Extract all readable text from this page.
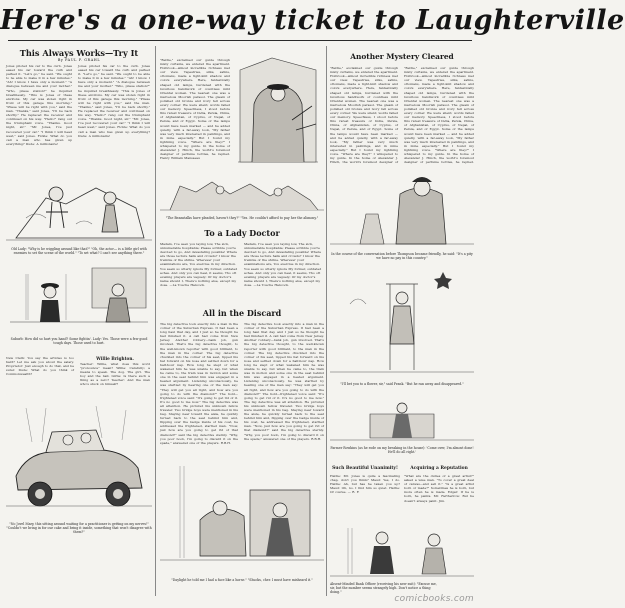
Here's a one-way ticket to Laughterville
This Always Works—Try It
By PAUL P. GRAHL
Jones piloted his car to the curb. Jones eased his car toward the curb and parked it. "Let's go," he said. "We ought to be able to make it in a few minutes." "Ah! I know. I have only a moment." "A dialogue between me and your mother." "Who, pliese station?" he inquired breathlessly. "This is Jones of these environs. My car was stolen right in front of this garage this morning." "Pliese will be right with you," said the man. "Thanks," said Jones, "I'll be back shortly." He replaced the receiver and continued on his way. "Hello!" rang out the triumphant voice. "Thanks. Good night, sir." "Mr. Jones, I've just recovered your car." "I think I will head west," said Jones. Fickle: What do you call a man who has given up everything? Dude: A millionaire!
Jones piloted his car to the curb. Jones eased his car toward the curb and parked it. "Let's go," he said. "We ought to be able to make it in a few minutes." "Ah! I know. I have only a moment." "A dialogue between me and your mother." "Who, pliese station?" he inquired breathlessly. "This is Jones of these environs. My car was stolen right in front of this garage this morning." "Pliese will be right with you," said the man. "Thanks," said Jones, "I'll be back shortly." He replaced the receiver and continued on his way. "Hello!" rang out the triumphant voice. "Thanks. Good night, sir." "Mr. Jones, I've just recovered your car." "I think I will head west," said Jones. Fickle: What do you call a man who has given up everything? Dude: A millionaire!
Old Lady: "Why is he wiggling around like that?" "Oh, the actor— is a little girl with enemies to set the scene of the world." "To set what? I can't see anything there."
Suburb: How did so hurt you hand? Some fightin'. Lady: Yes. Those were a few good tough days. Those used to hurt.
New Clerk: You say the articles is too hard? Let me ask you about the salary. Proprietor: Just enough to do that, and be surer. Dude: What do you think of Commonwealth?
Willie Brighton.
Teacher: Willie, what does this word "pronounce" mean? Willie: Carefully; a means to speak. The dog. The girl. The boy and the ball. Girlie: Is there such a thing as a zero? Teacher: And the man who's stuck on himself?
"No Jovel Mary, this sitting around waiting for a practitioner is getting on my nerves!" "Couldn't we bring in for our cake and bring it inside, something that won't disagree with them?"
"Bettie," exclaimed our guide through misty curtains, we entered the apartment. Holbrook—almost incredible richness met our view. Tapestries, silks, satins, ottomans, made a tight-knit shadow and colors everywhere. Here, fantastically shaped old lamps, burdened with the luxurious handiwork of countless mild Oriental women. The nearest one was a marvelous Moorish parasol. The gleam of polished old bronze and ivory fell across every corner. We were silent; words failed our memory. Speechless, I stood before this rarest treasure of India, Persia, China, of Afghanistan, of Cyprus, of Nepal, of Persia, and of Egypt. Some of the lamps would have been marked — and he added quietly, with a far-away look, "My father was very much interested in paintings, and in mine especially." But I found my lightning voice. "Where are they?" I whispered to my guide. In the home of Alexander J. Hinch, the world's foremost designer of perfume bottles, he replied. Henry William Mansseau
"The Beanstalks have pleaded, haven't they?" "Yes. He couldn't afford to pay her the alimony."
To a Lady Doctor
Madam, I've seen you laying low, The sick, unnumerable hospitable; Please scribble you're devoted to go, And devastating possible! Where are those lecture halls and crowds? I know the tremble of the shrine. Wherever your examinations are, You exercise in my direction. You seem so utterly ignore My former, outdated aches. And only you can heal, it seems, Tho oft evening prayers are vaguely; Of my doctor's name should I, There's nothing else, except my dose. —La Touche Hancock.
Madam, I've seen you laying low, The sick, unnumerable hospitable; Please scribble you're devoted to go, And devastating possible! Where are those lecture halls and crowds? I know the tremble of the shrine. Wherever your examinations are, You exercise in my direction. You seem so utterly ignore My former, outdated aches. And only you can heal, it seems, Tho oft evening prayers are vaguely; Of my doctor's name should I, There's nothing else, except my dose. —La Touche Hancock.
All in the Discard
The big detective took exactly into a man in the corner of the Suburban Express. It had been a long haul that day, and I just so he thought he had finished it. A call had come from New Jersey. Another robbery—bank job, gun involved. That's the big detective thought, to the well-known reporter with good brilliant, to the man in the corner. The big detective chuckled into the corner of his seat, tipped his hat forward on his nose and settled down for a half-hour nap. How long he slept or what wakened him he was unable to say, but when he came to, the train was in motion and some one in the seat behind him was engaged in a heated argument. Listening unconsciously, he was startled by hearing one of the men say: "They will get you all right, and how are you going to do with the diamond?" The hold—frightened voice said: "It's going to get rid of it. It's no good to me now." The big detective was all attention. He pictured his unknown fellow traveler. Two bridge boys were mentioned in his bag. Staying near toward the aisle, he quickly turned back to the seat behind him and, flipping over the badge inside of his coat, he addressed the frightened, startled man. "Now, just how are you going to get rid of that diamond?" said the big detective sternly. "Why, you poor boob, I'm going to discard it on the spade," answered one of the players. R.B.H.
The big detective took exactly into a man in the corner of the Suburban Express. It had been a long haul that day, and I just so he thought he had finished it. A call had come from New Jersey. Another robbery—bank job, gun involved. That's the big detective thought, to the well-known reporter with good brilliant, to the man in the corner. The big detective chuckled into the corner of his seat, tipped his hat forward on his nose and settled down for a half-hour nap. How long he slept or what wakened him he was unable to say, but when he came to, the train was in motion and some one in the seat behind him was engaged in a heated argument. Listening unconsciously, he was startled by hearing one of the men say: "They will get you all right, and how are you going to do with the diamond?" The hold—frightened voice said: "It's going to get rid of it. It's no good to me now." The big detective was all attention. He pictured his unknown fellow traveler. Two bridge boys were mentioned in his bag. Staying near toward the aisle, he quickly turned back to the seat behind him and, flipping over the badge inside of his coat, he addressed the frightened, startled man. "Now, just how are you going to get rid of that diamond?" said the big detective sternly. "Why, you poor boob, I'm going to discard it on the spade," answered one of the players. R.B.H.
"Daylight he told me I had a face like a horse." "Shucks, cher. I must have misheard it."
Another Mystery Cleared
"Bettie," exclaimed our guide through misty curtains, we entered the apartment. Holbrook—almost incredible richness met our view. Tapestries, silks, satins, ottomans, made a tight-knit shadow and colors everywhere. Here, fantastically shaped old lamps, burdened with the luxurious handiwork of countless mild Oriental women. The nearest one was a marvelous Moorish parasol. The gleam of polished old bronze and ivory fell across every corner. We were silent; words failed our memory. Speechless, I stood before this rarest treasure of India, Persia, China, of Afghanistan, of Cyprus, of Nepal, of Persia, and of Egypt. Some of the lamps would have been marked — and he added quietly, with a far-away look, "My father was very much interested in paintings, and in mine especially." But I found my lightning voice. "Where are they?" I whispered to my guide. In the home of Alexander J. Hinch, the world's foremost designer of
"Bettie," exclaimed our guide through misty curtains, we entered the apartment. Holbrook—almost incredible richness met our view. Tapestries, silks, satins, ottomans, made a tight-knit shadow and colors everywhere. Here, fantastically shaped old lamps, burdened with the luxurious handiwork of countless mild Oriental women. The nearest one was a marvelous Moorish parasol. The gleam of polished old bronze and ivory fell across every corner. We were silent; words failed our memory. Speechless, I stood before this rarest treasure of India, Persia, China, of Afghanistan, of Cyprus, of Nepal, of Persia, and of Egypt. Some of the lamps would have been marked — and he added quietly, with a far-away look, "My father was very much interested in paintings, and in mine especially." But I found my lightning voice. "Where are they?" I whispered to my guide. In the home of Alexander J. Hinch, the world's foremost designer of perfume bottles, he replied.
In the course of the conversation before Thompson became friendly, he said: "It's a pity we have no pay in this country."
"I'll bet you to a flower, sir," said Frank. "But he ran away and disappeared."
Farmer Rowkins (as he rode on my breaking in the house): 'Come over, I'm almost done! He'll do all right.'
Such Beautiful Unanimity!
Hattie: Mr. Jones is quite a fascinating chap, don't you think? Maud: Yes, I do. Hattie: Ah, but has he taken you up? Maud: Oh, no. I find him so quiet. Hattie: Of course. — R. F.
Acquiring a Reputation
"What are the duties of a great artist?" asked a wise man. "To cover a great deal of canvas—and sell it." "Is a great artist born or made?" Sometimes he is born, but more often he is made. Edgar: If he is born, he paints. Mr. Fartherrow: But he doesn't always paint. Jim.
Absent-Minded Bank Officer (receiving his new suit): "Excuse me, sir, but the number seems strangely high. Don't notice a thing doing."
comicbooks.com
